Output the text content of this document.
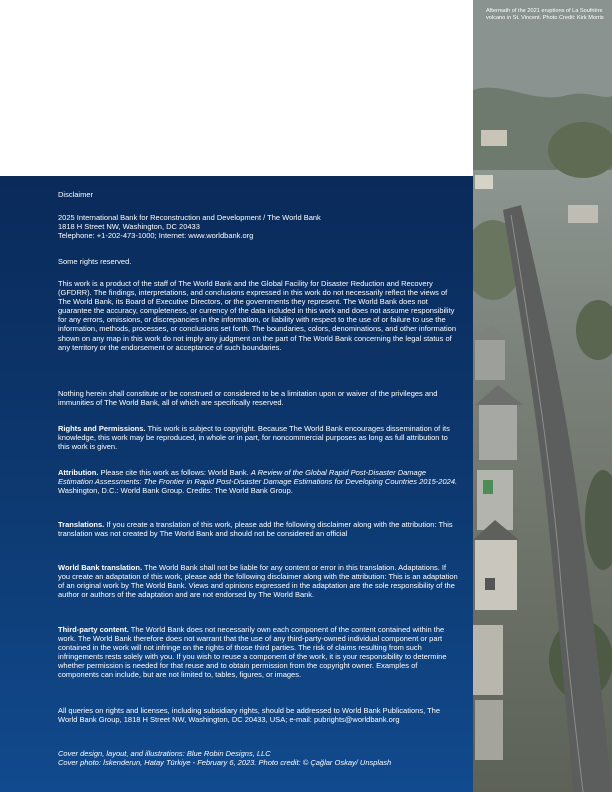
Aftermath of the 2021 eruptions of La Soufrière volcano in St. Vincent. Photo Credit: Kirk Morris

Disclaimer

2025 International Bank for Reconstruction and Development / The World Bank

1818 H Street NW, Washington, DC 20433

Telephone: +1-202-473-1000; Internet: www.worldbank.org

Some rights reserved.

This work is a product of the staff of The World Bank and the Global Facility for Disaster Reduction and Recovery (GFDRR). The findings, interpretations, and conclusions expressed in this work do not necessarily reflect the views of The World Bank, its Board of Executive Directors, or the governments they represent. The World Bank does not guarantee the accuracy, completeness, or currency of the data included in this work and does not assume responsibility for any errors, omissions, or discrepancies in the information, or liability with respect to the use of or failure to use the information, methods, processes, or conclusions set forth. The boundaries, colors, denominations, and other information shown on any map in this work do not imply any judgment on the part of The World Bank concerning the legal status of any territory or the endorsement or acceptance of such boundaries.

Nothing herein shall constitute or be construed or considered to be a limitation upon or waiver of the privileges and immunities of The World Bank, all of which are specifically reserved.

Rights and Permissions. This work is subject to copyright. Because The World Bank encourages dissemination of its knowledge, this work may be reproduced, in whole or in part, for noncommercial purposes as long as full attribution to this work is given.

Attribution. Please cite this work as follows: World Bank. A Review of the Global Rapid Post-Disaster Damage Estimation Assessments: The Frontier in Rapid Post-Disaster Damage Estimations for Developing Countries 2015-2024. Washington, D.C.: World Bank Group. Credits: The World Bank Group.

Translations. If you create a translation of this work, please add the following disclaimer along with the attribution: This translation was not created by The World Bank and should not be considered an official

World Bank translation. The World Bank shall not be liable for any content or error in this translation. Adaptations. If you create an adaptation of this work, please add the following disclaimer along with the attribution: This is an adaptation of an original work by The World Bank. Views and opinions expressed in the adaptation are the sole responsibility of the author or authors of the adaptation and are not endorsed by The World Bank.

Third-party content. The World Bank does not necessarily own each component of the content contained within the work. The World Bank therefore does not warrant that the use of any third-party-owned individual component or part contained in the work will not infringe on the rights of those third parties. The risk of claims resulting from such infringements rests solely with you. If you wish to reuse a component of the work, it is your responsibility to determine whether permission is needed for that reuse and to obtain permission from the copyright owner. Examples of components can include, but are not limited to, tables, figures, or images.

All queries on rights and licenses, including subsidiary rights, should be addressed to World Bank Publications, The World Bank Group, 1818 H Street NW, Washington, DC 20433, USA; e-mail: pubrights@worldbank.org

Cover design, layout, and illustrations: Blue Robin Designs, LLC

Cover photo: İskenderun, Hatay Türkiye - February 6, 2023. Photo credit: © Çağlar Oskay/ Unsplash
